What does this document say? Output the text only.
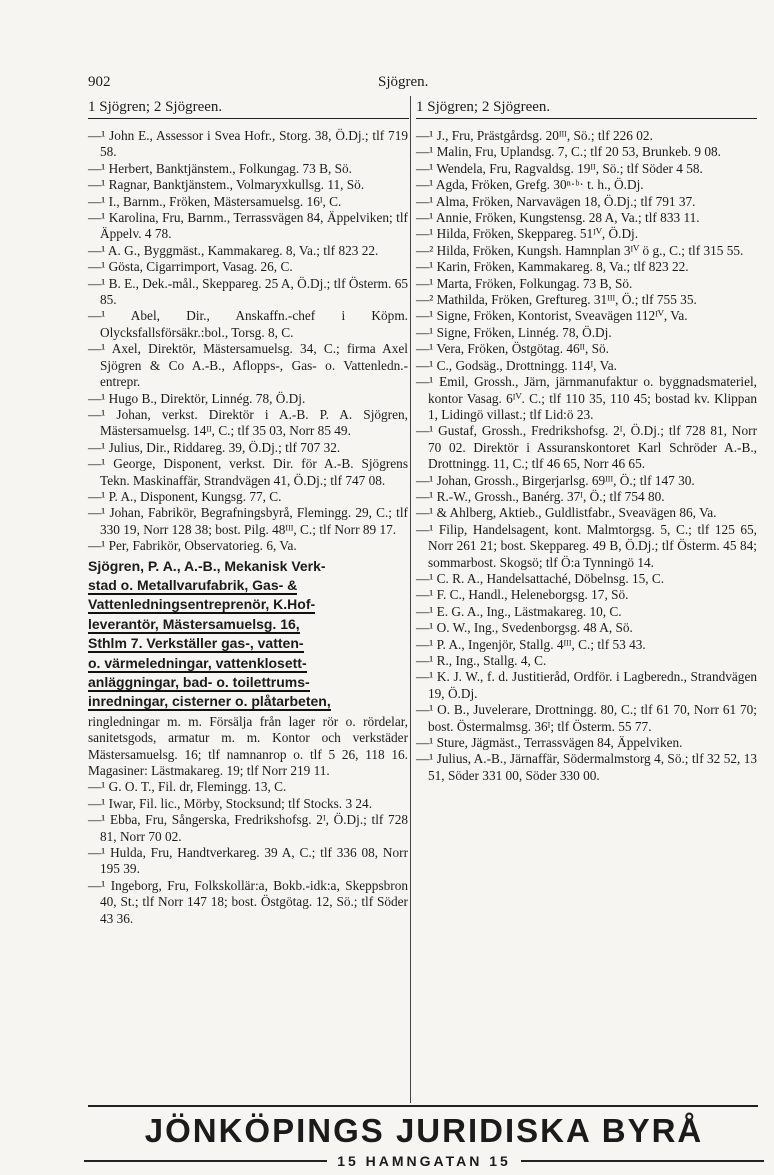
902	Sjögren.
1 Sjögren; 2 Sjögreen.	1 Sjögren; 2 Sjögreen.
—¹ John E., Assessor i Svea Hofr., Storg. 38, Ö.Dj.; tlf 719 58.
—¹ Herbert, Banktjänstem., Folkungag. 73 B, Sö.
—¹ Ragnar, Banktjänstem., Volmaryxkullsg. 11, Sö.
—¹ I., Barnm., Fröken, Mästersamuelsg. 16ᴵ, C.
—¹ Karolina, Fru, Barnm., Terrassvägen 84, Äppelviken; tlf Äppelv. 4 78.
—¹ A. G., Byggmäst., Kammakareg. 8, Va.; tlf 823 22.
—¹ Gösta, Cigarrimport, Vasag. 26, C.
—¹ B. E., Dek.-mål., Skeppareg. 25 A, Ö.Dj.; tlf Österm. 65 85.
—¹ Abel, Dir., Anskaffn.-chef i Köpm. Olycksfallsförsäkr.:bol., Torsg. 8, C.
—¹ Axel, Direktör, Mästersamuelsg. 34, C.; firma Axel Sjögren & Co A.-B., Aflopps-, Gas- o. Vattenledn.-entrepr.
—¹ Hugo B., Direktör, Linnég. 78, Ö.Dj.
—¹ Johan, verkst. Direktör i A.-B. P. A. Sjögren, Mästersamuelsg. 14ᴵᴵ, C.; tlf 35 03, Norr 85 49.
—¹ Julius, Dir., Riddareg. 39, Ö.Dj.; tlf 707 32.
—¹ George, Disponent, verkst. Dir. för A.-B. Sjögrens Tekn. Maskinaffär, Strandvägen 41, Ö.Dj.; tlf 747 08.
—¹ P. A., Disponent, Kungsg. 77, C.
—¹ Johan, Fabrikör, Begrafningsbyrå, Flemingg. 29, C.; tlf 330 19, Norr 128 38; bost. Pilg. 48ᴵᴵᴵ, C.; tlf Norr 89 17.
—¹ Per, Fabrikör, Observatorieg. 6, Va.
Sjögren, P. A., A.-B., Mekanisk Verk-
stad o. Metallvarufabrik, Gas- &
Vattenledningsentreprenör, K.Hof-
leverantör, Mästersamuelsg. 16,
Sthlm 7. Verkställer gas-, vatten-
o. värmeledningar, vattenklosett-
anläggningar, bad- o. toilettrums-
inredningar, cisterner o. plåtarbeten,
ringledningar m. m. Försälja från lager rör o. rördelar, sanitetsgods, armatur m. m. Kontor och verkstäder Mästersamuelsg. 16; tlf namnanrop o. tlf 5 26, 118 16. Magasiner: Lästmakareg. 19; tlf Norr 219 11.
—¹ G. O. T., Fil. dr, Flemingg. 13, C.
—¹ Iwar, Fil. lic., Mörby, Stocksund; tlf Stocks. 3 24.
—¹ Ebba, Fru, Sångerska, Fredrikshofsg. 2ᴵ, Ö.Dj.; tlf 728 81, Norr 70 02.
—¹ Hulda, Fru, Handtverkareg. 39 A, C.; tlf 336 08, Norr 195 39.
—¹ Ingeborg, Fru, Folkskollär:a, Bokb.-idk:a, Skeppsbron 40, St.; tlf Norr 147 18; bost. Östgötag. 12, Sö.; tlf Söder 43 36.
—¹ J., Fru, Prästgårdsg. 20ᴵᴵᴵ, Sö.; tlf 226 02.
—¹ Malin, Fru, Uplandsg. 7, C.; tlf 20 53, Brunkeb. 9 08.
—¹ Wendela, Fru, Ragvaldsg. 19ᴵᴵ, Sö.; tlf Söder 4 58.
—¹ Agda, Fröken, Grefg. 30ⁿ·ᵇ· t. h., Ö.Dj.
—¹ Alma, Fröken, Narvavägen 18, Ö.Dj.; tlf 791 37.
—¹ Annie, Fröken, Kungstensg. 28 A, Va.; tlf 833 11.
—¹ Hilda, Fröken, Skeppareg. 51ᴵⱽ, Ö.Dj.
—² Hilda, Fröken, Kungsh. Hamnplan 3ᴵⱽ ö g., C.; tlf 315 55.
—¹ Karin, Fröken, Kammakareg. 8, Va.; tlf 823 22.
—¹ Marta, Fröken, Folkungag. 73 B, Sö.
—² Mathilda, Fröken, Greftureg. 31ᴵᴵᴵ, Ö.; tlf 755 35.
—¹ Signe, Fröken, Kontorist, Sveavägen 112ᴵⱽ, Va.
—¹ Signe, Fröken, Linnég. 78, Ö.Dj.
—¹ Vera, Fröken, Östgötag. 46ᴵᴵ, Sö.
—¹ C., Godsäg., Drottningg. 114ᴵ, Va.
—¹ Emil, Grossh., Järn, järnmanufaktur o. byggnadsmateriel, kontor Vasag. 6ᴵⱽ. C.; tlf 110 35, 110 45; bostad kv. Klippan 1, Lidingö villast.; tlf Lid:ö 23.
—¹ Gustaf, Grossh., Fredrikshofsg. 2ᴵ, Ö.Dj.; tlf 728 81, Norr 70 02. Direktör i Assuranskontoret Karl Schröder A.-B., Drottningg. 11, C.; tlf 46 65, Norr 46 65.
—¹ Johan, Grossh., Birgerjarlsg. 69ᴵᴵᴵ, Ö.; tlf 147 30.
—¹ R.-W., Grossh., Banérg. 37ᴵ, Ö.; tlf 754 80.
—¹ & Ahlberg, Aktieb., Guldlistfabr., Sveavägen 86, Va.
—¹ Filip, Handelsagent, kont. Malmtorgsg. 5, C.; tlf 125 65, Norr 261 21; bost. Skeppareg. 49 B, Ö.Dj.; tlf Österm. 45 84; sommarbost. Skogsö; tlf Ö:a Tynningö 14.
—¹ C. R. A., Handelsattaché, Döbelnsg. 15, C.
—¹ F. C., Handl., Heleneborgsg. 17, Sö.
—¹ E. G. A., Ing., Lästmakareg. 10, C.
—¹ O. W., Ing., Svedenborgsg. 48 A, Sö.
—¹ P. A., Ingenjör, Stallg. 4ᴵᴵᴵ, C.; tlf 53 43.
—¹ R., Ing., Stallg. 4, C.
—¹ K. J. W., f. d. Justitieråd, Ordför. i Lagberedn., Strandvägen 19, Ö.Dj.
—¹ O. B., Juvelerare, Drottningg. 80, C.; tlf 61 70, Norr 61 70; bost. Östermalmsg. 36ᴵ; tlf Österm. 55 77.
—¹ Sture, Jägmäst., Terrassvägen 84, Äppelviken.
—¹ Julius, A.-B., Järnaffär, Södermalmstorg 4, Sö.; tlf 32 52, 13 51, Söder 331 00, Söder 330 00.
JÖNKÖPINGS JURIDISKA BYRÅ
15 HAMNGATAN 15
